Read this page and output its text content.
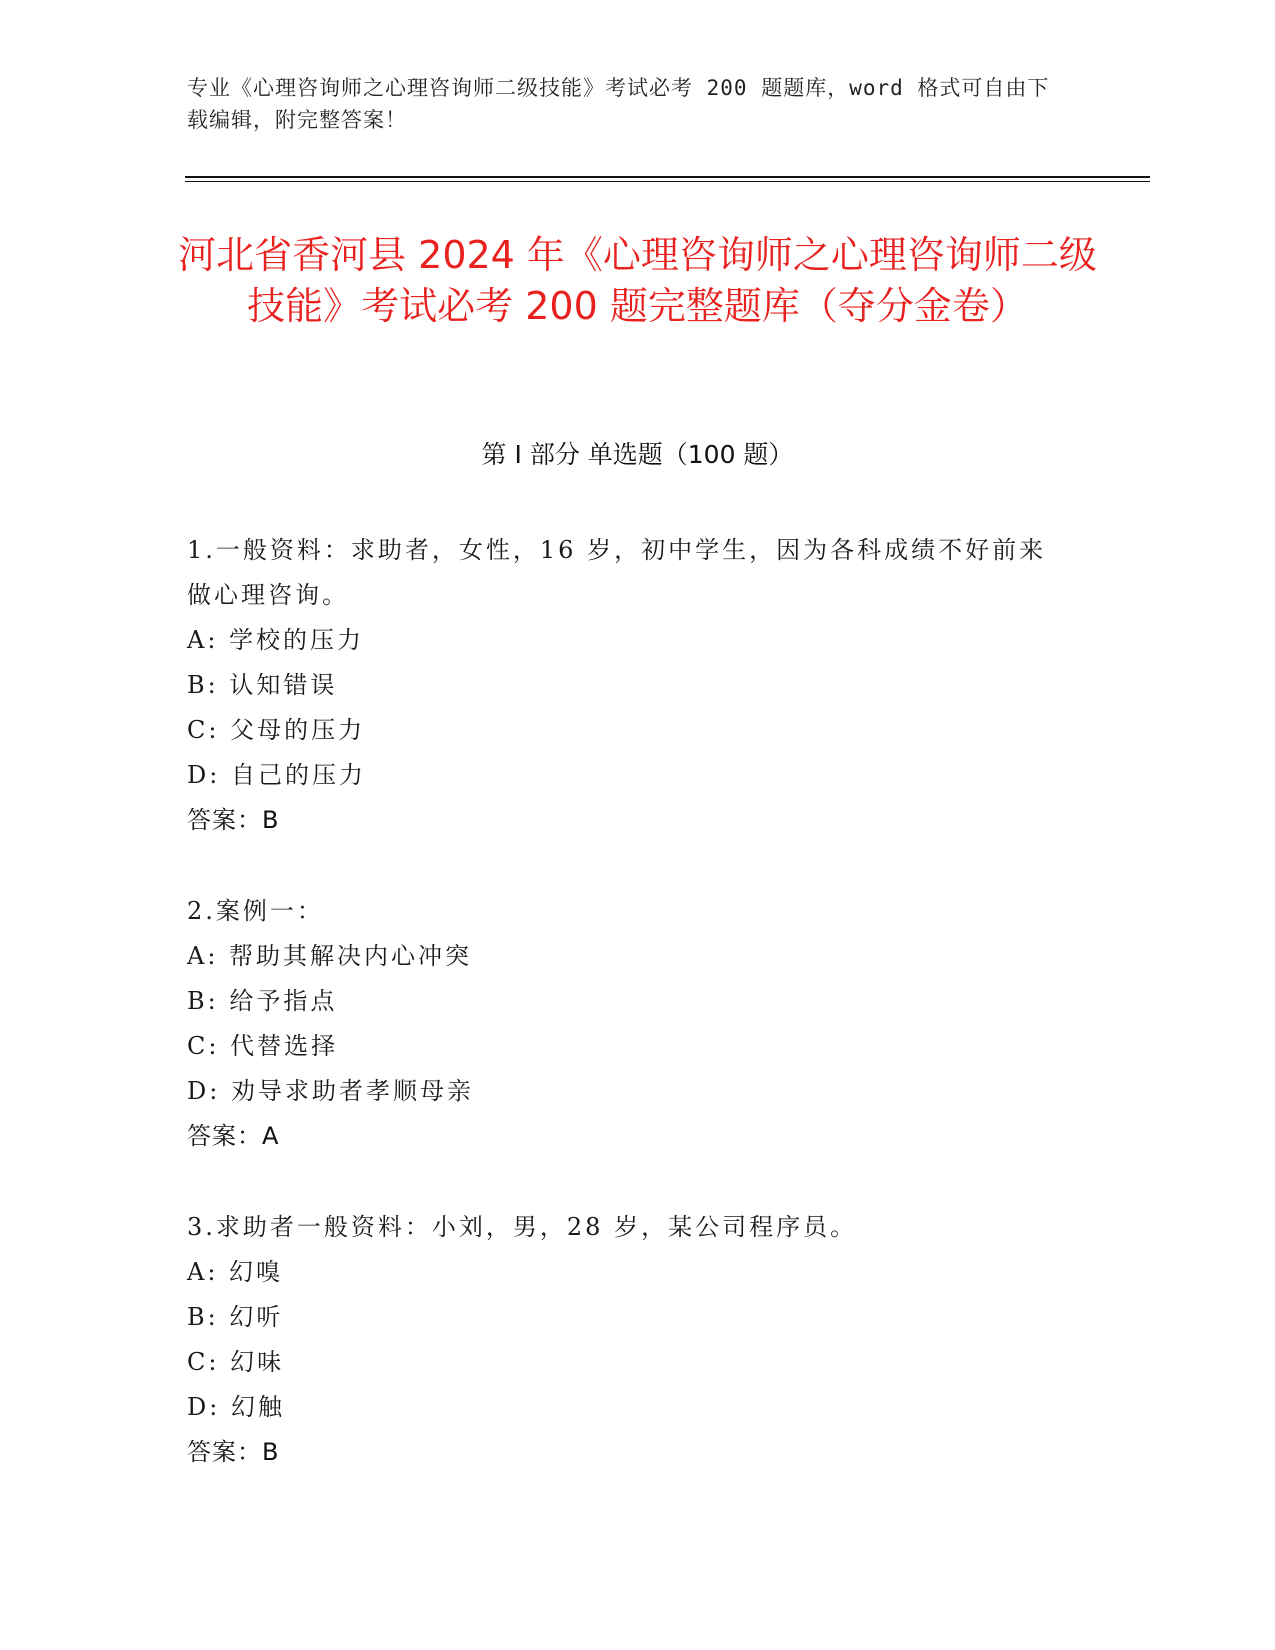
专业《心理咨询师之心理咨询师二级技能》考试必考 200 题题库，word 格式可自由下载编辑，附完整答案！
河北省香河县 2024 年《心理咨询师之心理咨询师二级技能》考试必考 200 题完整题库（夺分金卷）
第 I 部分 单选题（100 题）
1.一般资料：求助者，女性，16 岁，初中学生，因为各科成绩不好前来做心理咨询。
A: 学校的压力
B: 认知错误
C: 父母的压力
D: 自己的压力
答案：B
2.案例一：
A: 帮助其解决内心冲突
B: 给予指点
C: 代替选择
D: 劝导求助者孝顺母亲
答案：A
3.求助者一般资料：小刘，男，28 岁，某公司程序员。
A: 幻嗅
B: 幻听
C: 幻味
D: 幻触
答案：B
